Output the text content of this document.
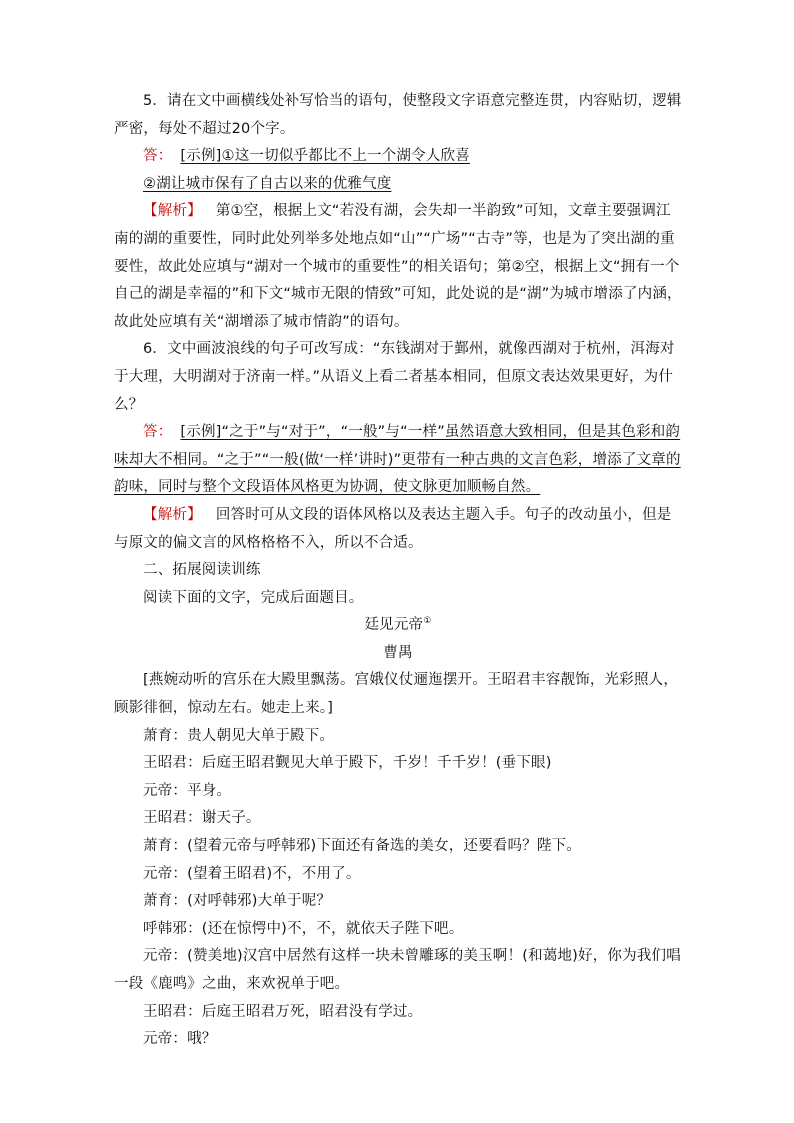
5．请在文中画横线处补写恰当的语句，使整段文字语意完整连贯，内容贴切，逻辑严密，每处不超过20个字。

答： [示例]①这一切似乎都比不上一个湖令人欣喜

②湖让城市保有了自古以来的优雅气度

【解析】 第①空，根据上文“若没有湖，会失却一半韵致”可知，文章主要强调江南的湖的重要性，同时此处列举多处地点如“山”“广场”“古寺”等，也是为了突出湖的重要性，故此处应填与“湖对一个城市的重要性”的相关语句；第②空，根据上文“拥有一个自己的湖是幸福的”和下文“城市无限的情致”可知，此处说的是“湖”为城市增添了内涵，故此处应填有关“湖增添了城市情韵”的语句。

6．文中画波浪线的句子可改写成：“东钱湖对于鄞州，就像西湖对于杭州，洱海对于大理，大明湖对于济南一样。”从语义上看二者基本相同，但原文表达效果更好，为什么？

答： [示例]“之于”与“对于”，“一般”与“一样”虽然语意大致相同，但是其色彩和韵味却大不相同。“之于”“一般(做‘一样’讲时)”更带有一种古典的文言色彩，增添了文章的韵味，同时与整个文段语体风格更为协调，使文脉更加顺畅自然。

【解析】 回答时可从文段的语体风格以及表达主题入手。句子的改动虽小，但是与原文的偏文言的风格格格不入，所以不合适。

二、拓展阅读训练

阅读下面的文字，完成后面题目。

廷见元帝①

曹禺

[燕婉动听的宫乐在大殿里飘荡。宫娥仪仗逦迤摆开。王昭君丰容靓饰，光彩照人，顾影徘徊，惊动左右。她走上来。]

萧育：贵人朝见大单于殿下。

王昭君：后庭王昭君觐见大单于殿下，千岁！千千岁！(垂下眼)

元帝：平身。

王昭君：谢天子。

萧育：(望着元帝与呼韩邪)下面还有备选的美女，还要看吗？陛下。

元帝：(望着王昭君)不，不用了。

萧育：(对呼韩邪)大单于呢？

呼韩邪：(还在惊愕中)不，不，就依天子陛下吧。

元帝：(赞美地)汉宫中居然有这样一块未曾雕琢的美玉啊！(和蔼地)好，你为我们唱一段《鹿鸣》之曲，来欢祝单于吧。

王昭君：后庭王昭君万死，昭君没有学过。

元帝：哦？
